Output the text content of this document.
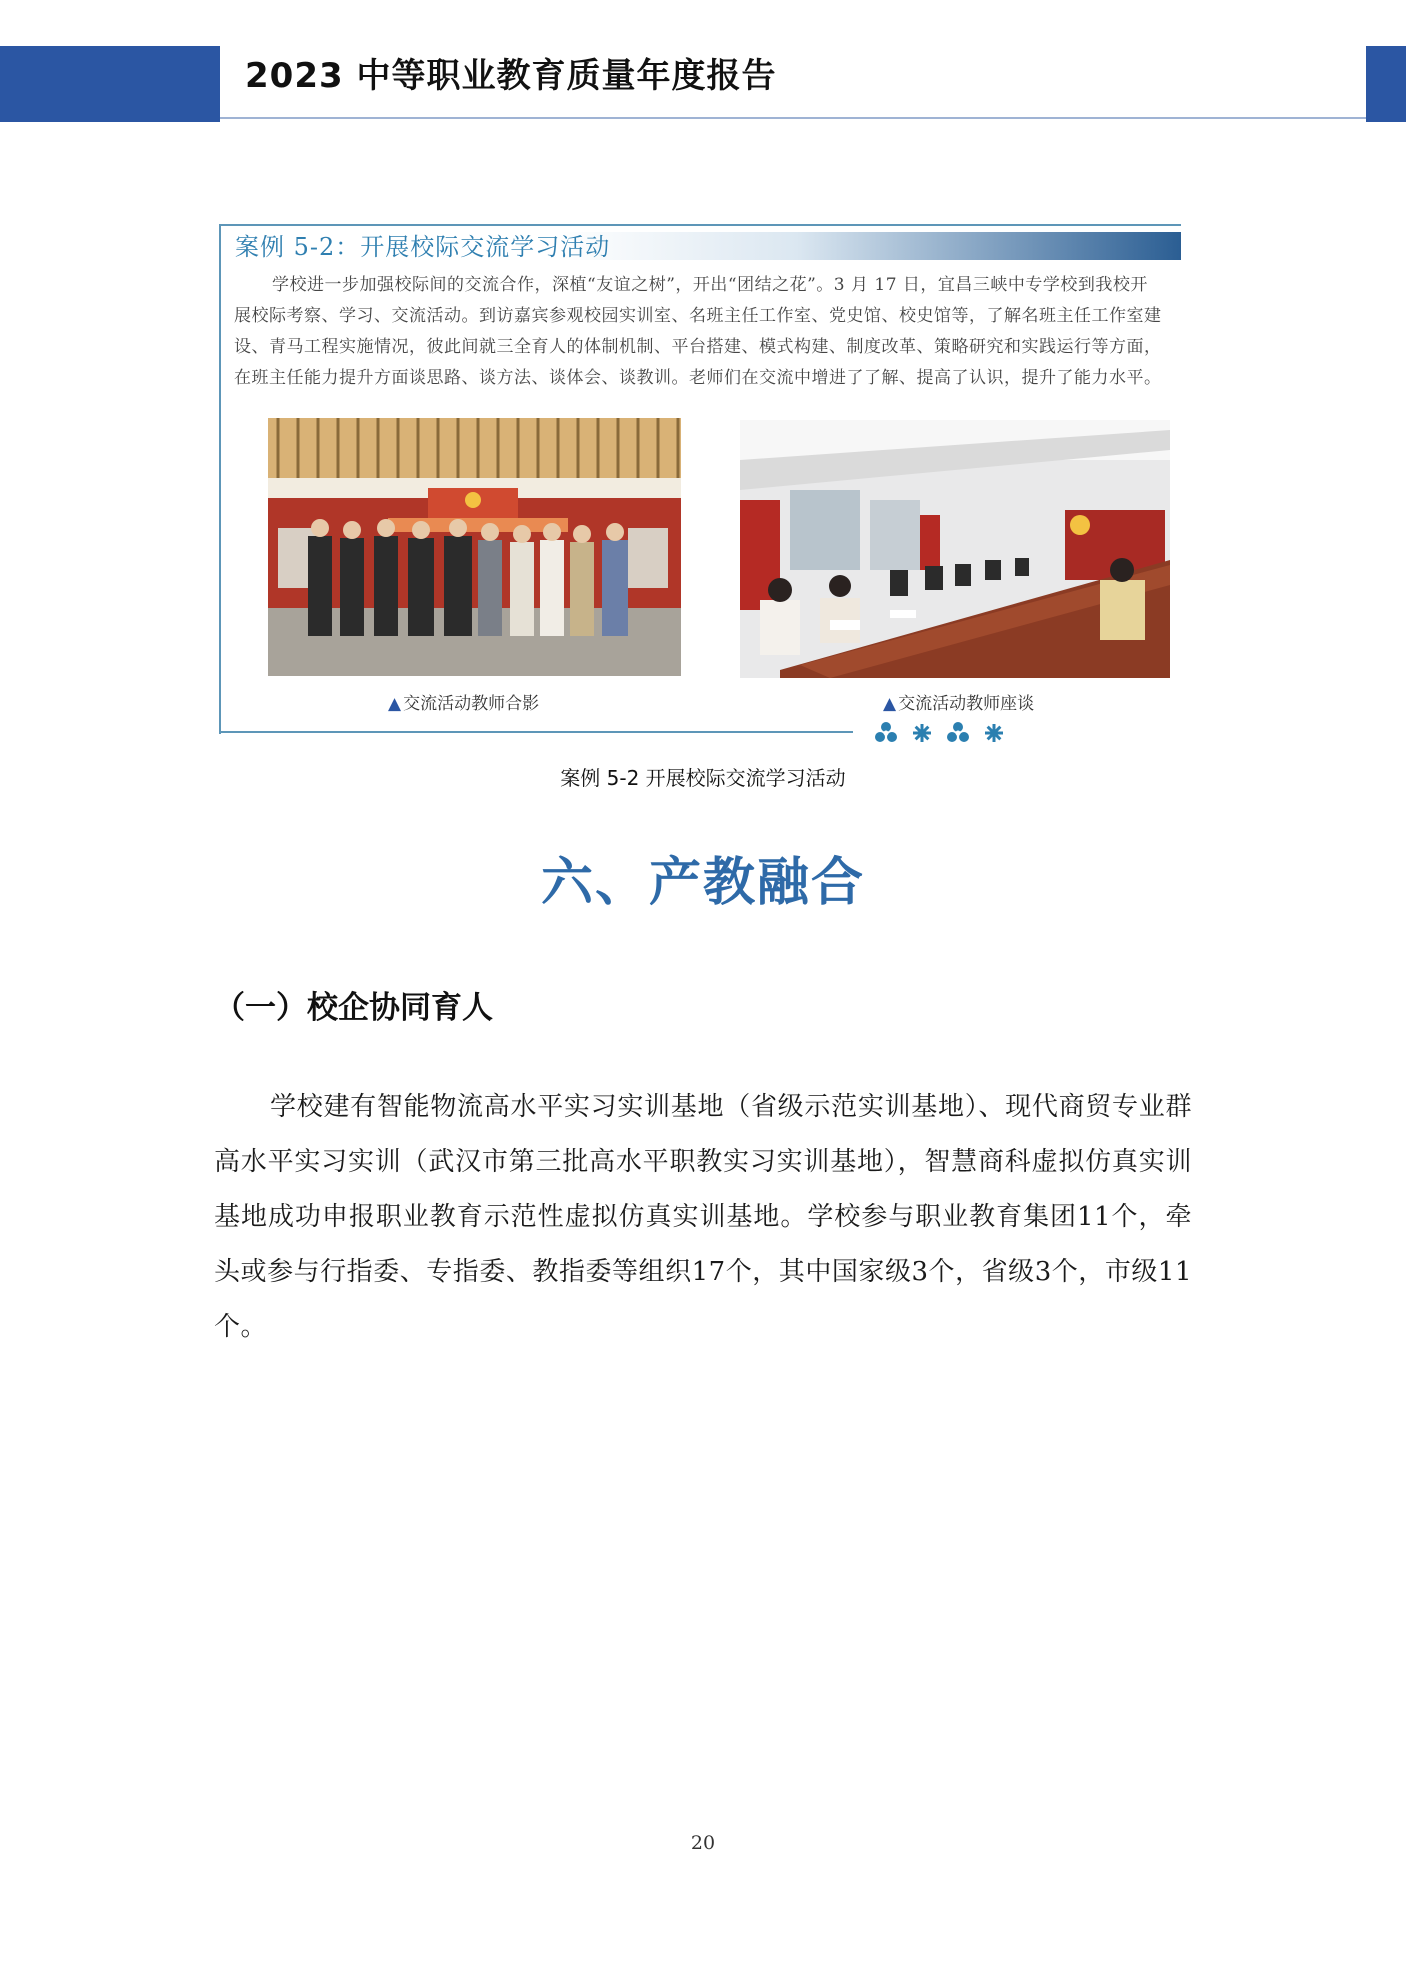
2023 中等职业教育质量年度报告
案例 5-2：开展校际交流学习活动

学校进一步加强校际间的交流合作，深植“友谊之树”，开出“团结之花”。3 月 17 日，宜昌三峡中专学校到我校开

展校际考察、学习、交流活动。到访嘉宾参观校园实训室、名班主任工作室、党史馆、校史馆等，了解名班主任工作室建

设、青马工程实施情况，彼此间就三全育人的体制机制、平台搭建、模式构建、制度改革、策略研究和实践运行等方面，

在班主任能力提升方面谈思路、谈方法、谈体会、谈教训。老师们在交流中增进了了解、提高了认识，提升了能力水平。

▲ 交流活动教师合影	▲ 交流活动教师座谈
案例 5-2 开展校际交流学习活动
六、产教融合
（一）校企协同育人

学校建有智能物流高水平实习实训基地（省级示范实训基地）、现代商贸专业群高水平实习实训（武汉市第三批高水平职教实习实训基地），智慧商科虚拟仿真实训基地成功申报职业教育示范性虚拟仿真实训基地。学校参与职业教育集团11个，牵头或参与行指委、专指委、教指委等组织17个，其中国家级3个，省级3个，市级11个。

20
